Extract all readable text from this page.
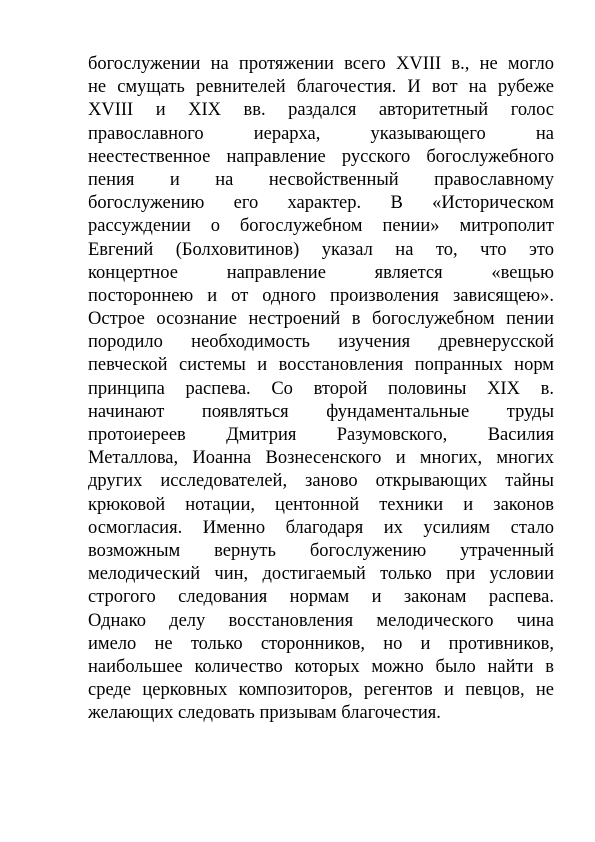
богослужении на протяжении всего XVIII в., не могло
не смущать ревнителей благочестия. И вот на рубеже
XVIII и XIX вв. раздался авторитетный голос
православного иерарха, указывающего на
неестественное направление русского богослужебного
пения и на несвойственный православному
богослужению его характер. В «Историческом
рассуждении о богослужебном пении» митрополит
Евгений (Болховитинов) указал на то, что это
концертное направление является «вещью
постороннею и от одного произволения зависящею».
Острое осознание нестроений в богослужебном пении
породило необходимость изучения древнерусской
певческой системы и восстановления попранных норм
принципа распева. Со второй половины XIX в.
начинают появляться фундаментальные труды
протоиереев Дмитрия Разумовского, Василия
Металлова, Иоанна Вознесенского и многих, многих
других исследователей, заново открывающих тайны
крюковой нотации, центонной техники и законов
осмогласия. Именно благодаря их усилиям стало
возможным вернуть богослужению утраченный
мелодический чин, достигаемый только при условии
строгого следования нормам и законам распева.
Однако делу восстановления мелодического чина
имело не только сторонников, но и противников,
наибольшее количество которых можно было найти в
среде церковных композиторов, регентов и певцов, не
желающих следовать призывам благочестия.
